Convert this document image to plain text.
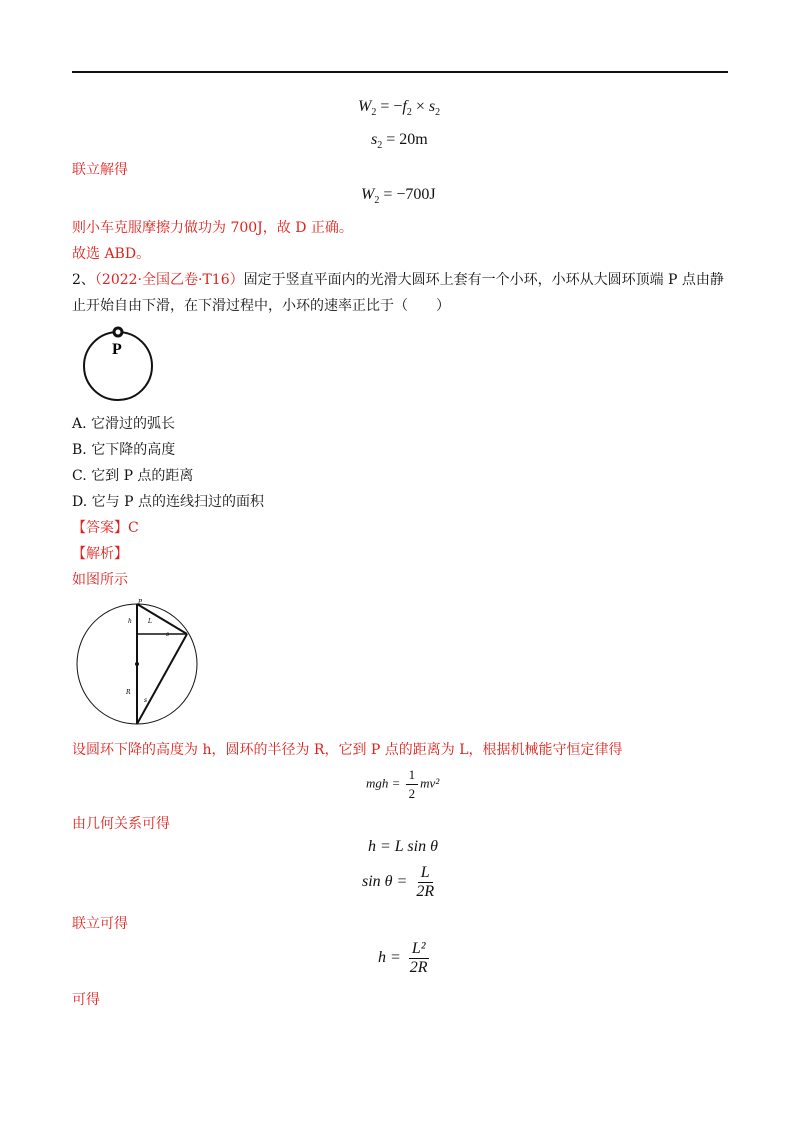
$W_2 = -f_2 \times s_2$
$s_2 = 20m$
联立解得
$W_2 = -700J$
则小车克服摩擦力做功为 700J，故 D 正确。
故选 ABD。
2、（2022·全国乙卷·T16）固定于竖直平面内的光滑大圆环上套有一个小环，小环从大圆环顶端 P 点由静
止开始自由下滑，在下滑过程中，小环的速率正比于（　　）
P
A. 它滑过的弧长
B. 它下降的高度
C. 它到 P 点的距离
D. 它与 P 点的连线扫过的面积
【答案】C
【解析】
如图所示
P
h	L
s
R
s
设圆环下降的高度为 h，圆环的半径为 R，它到 P 点的距离为 L，根据机械能守恒定律得
mgh = $\frac{1}{2} mv^2$
由几何关系可得
h = L sin θ
$\sin \theta = \frac{L}{2R}$
联立可得
$h = \frac{\text{L²}}{2R}$
可得
